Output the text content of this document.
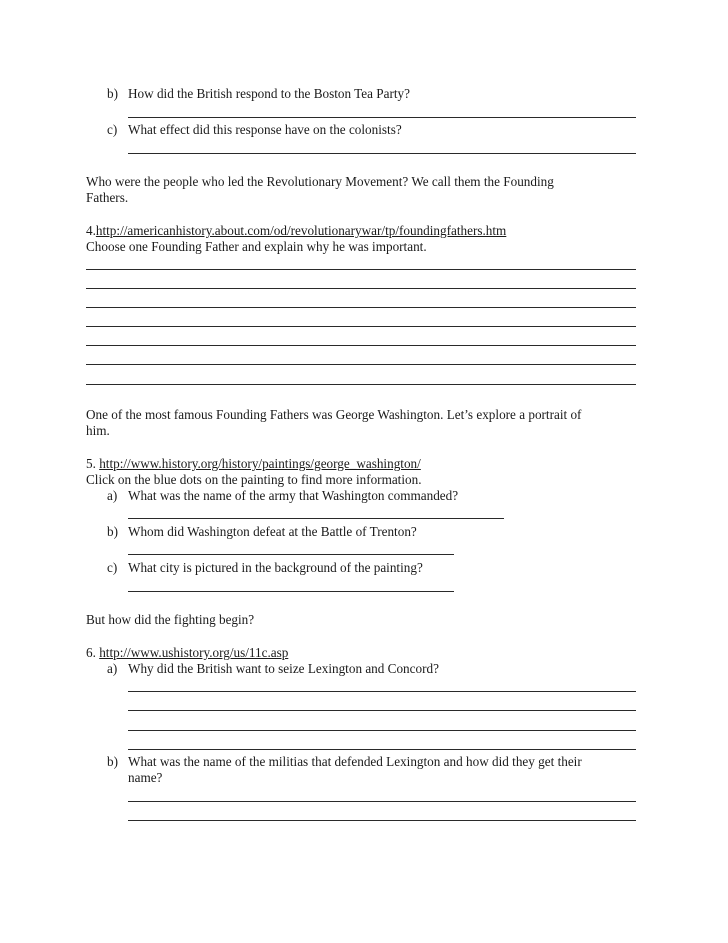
b) How did the British respond to the Boston Tea Party?
c) What effect did this response have on the colonists?
Who were the people who led the Revolutionary Movement? We call them the Founding
Fathers.
4.http://americanhistory.about.com/od/revolutionarywar/tp/foundingfathers.htm
Choose one Founding Father and explain why he was important.
One of the most famous Founding Fathers was George Washington. Let’s explore a portrait of
him.
5. http://www.history.org/history/paintings/george_washington/
Click on the blue dots on the painting to find more information.
a) What was the name of the army that Washington commanded?
b) Whom did Washington defeat at the Battle of Trenton?
c) What city is pictured in the background of the painting?
But how did the fighting begin?
6. http://www.ushistory.org/us/11c.asp
a) Why did the British want to seize Lexington and Concord?
b) What was the name of the militias that defended Lexington and how did they get their
name?
